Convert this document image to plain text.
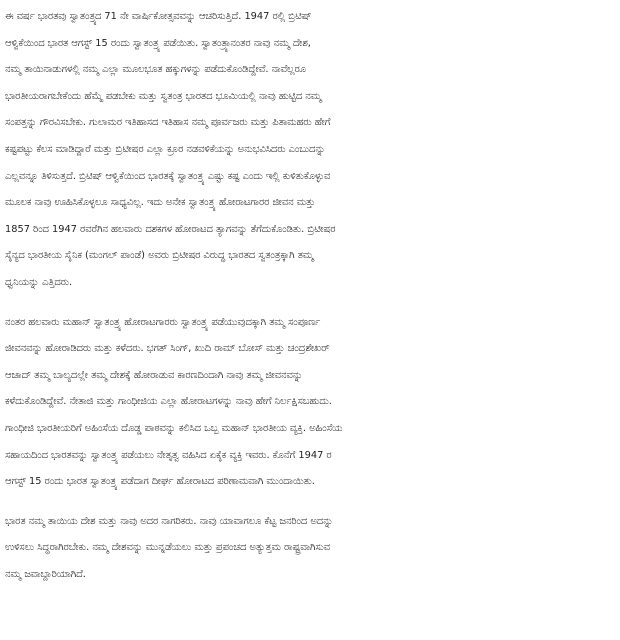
ಈ ವರ್ಷ ಭಾರತವು ಸ್ವಾತಂತ್ರ್ಯದ 71 ನೇ ವಾರ್ಷಿಕೋತ್ಸವವನ್ನು ಆಚರಿಸುತ್ತಿದೆ. 1947 ರಲ್ಲಿ ಬ್ರಿಟಿಷ್
ಆಳ್ವಿಕೆಯಿಂದ ಭಾರತ ಆಗಸ್ಟ್ 15 ರಂದು ಸ್ವಾತಂತ್ರ್ಯ ಪಡೆಯಿತು. ಸ್ವಾತಂತ್ರ್ಯಾನಂತರ ನಾವು ನಮ್ಮ ದೇಶ,
ನಮ್ಮ ತಾಯಿನಾಡುಗಳಲ್ಲಿ ನಮ್ಮ ಎಲ್ಲಾ ಮೂಲಭೂತ ಹಕ್ಕುಗಳನ್ನು ಪಡೆದುಕೊಂಡಿದ್ದೇವೆ. ನಾವೆಲ್ಲರೂ
ಭಾರತೀಯರಾಗಬೇಕೆಂದು ಹೆಮ್ಮೆ ಪಡಬೇಕು ಮತ್ತು ಸ್ವತಂತ್ರ ಭಾರತದ ಭೂಮಿಯಲ್ಲಿ ನಾವು ಹುಟ್ಟಿದ ನಮ್ಮ
ಸಂಪತ್ತನ್ನು ಗೌರವಿಸಬೇಕು. ಗುಲಾಮರ ಇತಿಹಾಸದ ಇತಿಹಾಸ ನಮ್ಮ ಪೂರ್ವಜರು ಮತ್ತು ಪಿತಾಮಹರು ಹೇಗೆ
ಕಷ್ಟಪಟ್ಟು ಕೆಲಸ ಮಾಡಿದ್ದಾರೆ ಮತ್ತು ಬ್ರಿಟೀಷರ ಎಲ್ಲಾ ಕ್ರೂರ ನಡವಳಿಕೆಯನ್ನು ಅನುಭವಿಸಿದರು ಎಂಬುದನ್ನು
ಎಲ್ಲವನ್ನೂ ತಿಳಿಸುತ್ತದೆ. ಬ್ರಿಟಿಷ್ ಆಳ್ವಿಕೆಯಿಂದ ಭಾರತಕ್ಕೆ ಸ್ವಾತಂತ್ರ್ಯ ಎಷ್ಟು ಕಷ್ಟ ಎಂದು ಇಲ್ಲಿ ಕುಳಿತುಕೊಳ್ಳುವ
ಮೂಲಕ ನಾವು ಊಹಿಸಿಕೊಳ್ಳಲೂ ಸಾಧ್ಯವಿಲ್ಲ. ಇದು ಅನೇಕ ಸ್ವಾತಂತ್ರ್ಯ ಹೋರಾಟಗಾರರ ಜೀವನ ಮತ್ತು
1857 ರಿಂದ 1947 ರವರೆಗಿನ ಹಲವಾರು ದಶಕಗಳ ಹೋರಾಟದ ತ್ಯಾಗವನ್ನು ತೆಗೆದುಕೊಂಡಿತು. ಬ್ರಿಟೀಷರ
ಸೈನ್ಯದ ಭಾರತೀಯ ಸೈನಿಕ (ಮಂಗಲ್ ಪಾಂಡೆ) ಅವರು ಬ್ರಿಟೀಷರ ವಿರುದ್ಧ ಭಾರತದ ಸ್ವತಂತ್ರಕ್ಕಾಗಿ ತಮ್ಮ
ಧ್ವನಿಯನ್ನು ಎತ್ತಿದರು.

ನಂತರ ಹಲವಾರು ಮಹಾನ್ ಸ್ವಾತಂತ್ರ್ಯ ಹೋರಾಟಗಾರರು ಸ್ವಾತಂತ್ರ್ಯ ಪಡೆಯುವುದಕ್ಕಾಗಿ ತಮ್ಮ ಸಂಪೂರ್ಣ
ಜೀವನವನ್ನು ಹೋರಾಡಿದರು ಮತ್ತು ಕಳೆದರು. ಭಗತ್ ಸಿಂಗ್, ಖುದಿ ರಾಮ್ ಬೋಸ್ ಮತ್ತು ಚಂದ್ರಶೇಖರ್
ಆಜಾದ್ ತಮ್ಮ ಬಾಲ್ಯದಲ್ಲೇ ತಮ್ಮ ದೇಶಕ್ಕೆ ಹೋರಾಡುವ ಕಾರಣದಿಂದಾಗಿ ನಾವು ತಮ್ಮ ಜೀವನವನ್ನು
ಕಳೆದುಕೊಂಡಿದ್ದೇವೆ. ನೇತಾಜಿ ಮತ್ತು ಗಾಂಧೀಜಿಯ ಎಲ್ಲಾ ಹೋರಾಟಗಳನ್ನು ನಾವು ಹೇಗೆ ನಿರ್ಲಕ್ಷಿಸಬಹುದು.
ಗಾಂಧೀಜಿ ಭಾರತೀಯರಿಗೆ ಅಹಿಂಸೆಯ ದೊಡ್ಡ ಪಾಠವನ್ನು ಕಲಿಸಿದ ಒಬ್ಬ ಮಹಾನ್ ಭಾರತೀಯ ವ್ಯಕ್ತಿ. ಅಹಿಂಸೆಯ
ಸಹಾಯದಿಂದ ಭಾರತವನ್ನು ಸ್ವಾತಂತ್ರ್ಯ ಪಡೆಯಲು ನೇತೃತ್ವ ವಹಿಸಿದ ಏಕೈಕ ವ್ಯಕ್ತಿ ಇವರು. ಕೊನೆಗೆ 1947 ರ
ಆಗಸ್ಟ್ 15 ರಂದು ಭಾರತ ಸ್ವಾತಂತ್ರ್ಯ ಪಡೆದಾಗ ದೀರ್ಘ ಹೋರಾಟದ ಪರಿಣಾಮವಾಗಿ ಮುಂದಾಯಿತು.

ಭಾರತ ನಮ್ಮ ತಾಯಿಯ ದೇಶ ಮತ್ತು ನಾವು ಅದರ ನಾಗರಿಕರು. ನಾವು ಯಾವಾಗಲೂ ಕೆಟ್ಟ ಜನರಿಂದ ಅದನ್ನು
ಉಳಿಸಲು ಸಿದ್ಧರಾಗಿರಬೇಕು. ನಮ್ಮ ದೇಶವನ್ನು ಮುನ್ನಡೆಯಲು ಮತ್ತು ಪ್ರಪಂಚದ ಅತ್ಯುತ್ತಮ ರಾಷ್ಟ್ರವಾಗಿಸುವ
ನಮ್ಮ ಜವಾಬ್ದಾರಿಯಾಗಿದೆ.
